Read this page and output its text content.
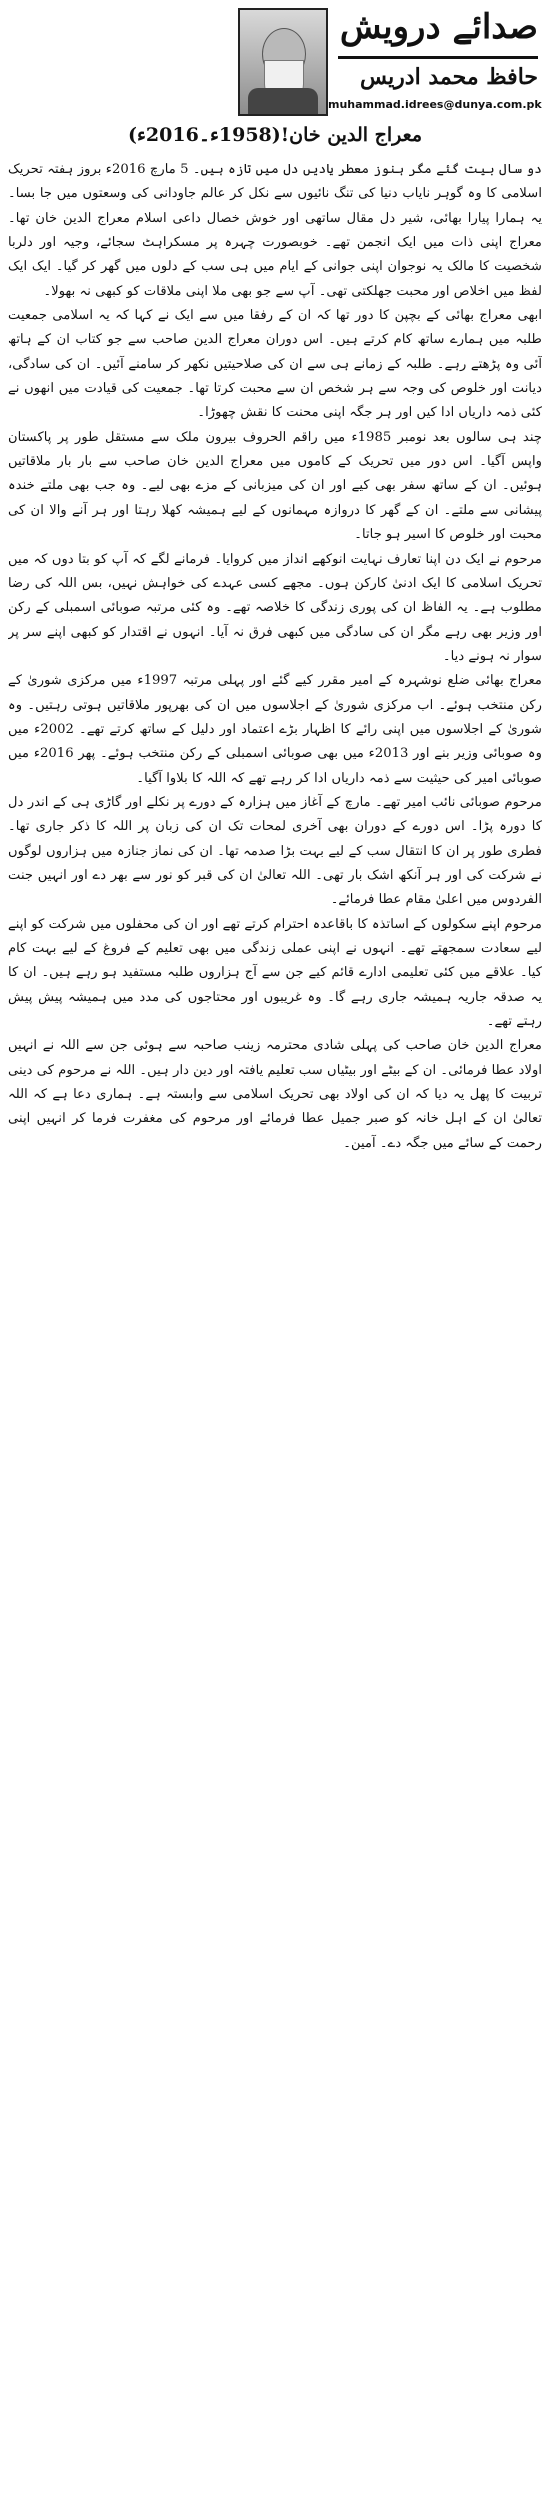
صدائے درویش
حافظ محمد ادریس
muhammad.idrees@dunya.com.pk
معراج الدین خان!(1958ء۔2016ء)

دو سال بیت گئے مگر ہنوز معطر یادیں دل میں تازہ ہیں۔ 5 مارچ 2016ء بروز ہفتہ تحریک اسلامی کا وہ گوہر نایاب دنیا کی تنگ نائیوں سے نکل کر عالم جاودانی کی وسعتوں میں جا بسا۔ یہ ہمارا پیارا بھائی، شیر دل مقال ساتھی اور خوش خصال داعی اسلام معراج الدین خان تھا۔ معراج اپنی ذات میں ایک انجمن تھے۔ خوبصورت چہرہ پر مسکراہٹ سجائے، وجیہ اور دلربا شخصیت کا مالک یہ نوجوان اپنی جوانی کے ایام میں ہی سب کے دلوں میں گھر کر گیا۔ ایک ایک لفظ میں اخلاص اور محبت جھلکتی تھی۔ آپ سے جو بھی ملا اپنی ملاقات کو کبھی نہ بھولا۔

ابھی معراج بھائی کے بچپن کا دور تھا کہ ان کے رفقا میں سے ایک نے کہا کہ یہ اسلامی جمعیت طلبہ میں ہمارے ساتھ کام کرتے ہیں۔ اس دوران معراج الدین صاحب سے جو کتاب ان کے ہاتھ آئی وہ پڑھتے رہے۔ طلبہ کے زمانے ہی سے ان کی صلاحیتیں نکھر کر سامنے آئیں۔ ان کی سادگی، دیانت اور خلوص کی وجہ سے ہر شخص ان سے محبت کرتا تھا۔ جمعیت کی قیادت میں انھوں نے کئی ذمہ داریاں ادا کیں اور ہر جگہ اپنی محنت کا نقش چھوڑا۔

چند ہی سالوں بعد نومبر 1985ء میں راقم الحروف بیرون ملک سے مستقل طور پر پاکستان واپس آگیا۔ اس دور میں تحریک کے کاموں میں معراج الدین خان صاحب سے بار بار ملاقاتیں ہوئیں۔ ان کے ساتھ سفر بھی کیے اور ان کی میزبانی کے مزے بھی لیے۔ وہ جب بھی ملتے خندہ پیشانی سے ملتے۔ ان کے گھر کا دروازہ مہمانوں کے لیے ہمیشہ کھلا رہتا اور ہر آنے والا ان کی محبت اور خلوص کا اسیر ہو جاتا۔

مرحوم نے ایک دن اپنا تعارف نہایت انوکھے انداز میں کروایا۔ فرمانے لگے کہ آپ کو بتا دوں کہ میں تحریک اسلامی کا ایک ادنیٰ کارکن ہوں۔ مجھے کسی عہدے کی خواہش نہیں، بس اللہ کی رضا مطلوب ہے۔ یہ الفاظ ان کی پوری زندگی کا خلاصہ تھے۔ وہ کئی مرتبہ صوبائی اسمبلی کے رکن اور وزیر بھی رہے مگر ان کی سادگی میں کبھی فرق نہ آیا۔ انہوں نے اقتدار کو کبھی اپنے سر پر سوار نہ ہونے دیا۔

معراج بھائی ضلع نوشہرہ کے امیر مقرر کیے گئے اور پہلی مرتبہ 1997ء میں مرکزی شوریٰ کے رکن منتخب ہوئے۔ اب مرکزی شوریٰ کے اجلاسوں میں ان کی بھرپور ملاقاتیں ہوتی رہتیں۔ وہ شوریٰ کے اجلاسوں میں اپنی رائے کا اظہار بڑے اعتماد اور دلیل کے ساتھ کرتے تھے۔ 2002ء میں وہ صوبائی وزیر بنے اور 2013ء میں بھی صوبائی اسمبلی کے رکن منتخب ہوئے۔ پھر 2016ء میں صوبائی امیر کی حیثیت سے ذمہ داریاں ادا کر رہے تھے کہ اللہ کا بلاوا آگیا۔

مرحوم صوبائی نائب امیر تھے۔ مارچ کے آغاز میں ہزارہ کے دورے پر نکلے اور گاڑی ہی کے اندر دل کا دورہ پڑا۔ اس دورے کے دوران بھی آخری لمحات تک ان کی زبان پر اللہ کا ذکر جاری تھا۔ فطری طور پر ان کا انتقال سب کے لیے بہت بڑا صدمہ تھا۔ ان کی نماز جنازہ میں ہزاروں لوگوں نے شرکت کی اور ہر آنکھ اشک بار تھی۔ اللہ تعالیٰ ان کی قبر کو نور سے بھر دے اور انہیں جنت الفردوس میں اعلیٰ مقام عطا فرمائے۔

مرحوم اپنے سکولوں کے اساتذہ کا باقاعدہ احترام کرتے تھے اور ان کی محفلوں میں شرکت کو اپنے لیے سعادت سمجھتے تھے۔ انہوں نے اپنی عملی زندگی میں بھی تعلیم کے فروغ کے لیے بہت کام کیا۔ علاقے میں کئی تعلیمی ادارے قائم کیے جن سے آج ہزاروں طلبہ مستفید ہو رہے ہیں۔ ان کا یہ صدقہ جاریہ ہمیشہ جاری رہے گا۔ وہ غریبوں اور محتاجوں کی مدد میں ہمیشہ پیش پیش رہتے تھے۔

معراج الدین خان صاحب کی پہلی شادی محترمہ زینب صاحبہ سے ہوئی جن سے اللہ نے انہیں اولاد عطا فرمائی۔ ان کے بیٹے اور بیٹیاں سب تعلیم یافتہ اور دین دار ہیں۔ اللہ نے مرحوم کی دینی تربیت کا پھل یہ دیا کہ ان کی اولاد بھی تحریک اسلامی سے وابستہ ہے۔ ہماری دعا ہے کہ اللہ تعالیٰ ان کے اہل خانہ کو صبر جمیل عطا فرمائے اور مرحوم کی مغفرت فرما کر انہیں اپنی رحمت کے سائے میں جگہ دے۔ آمین۔
